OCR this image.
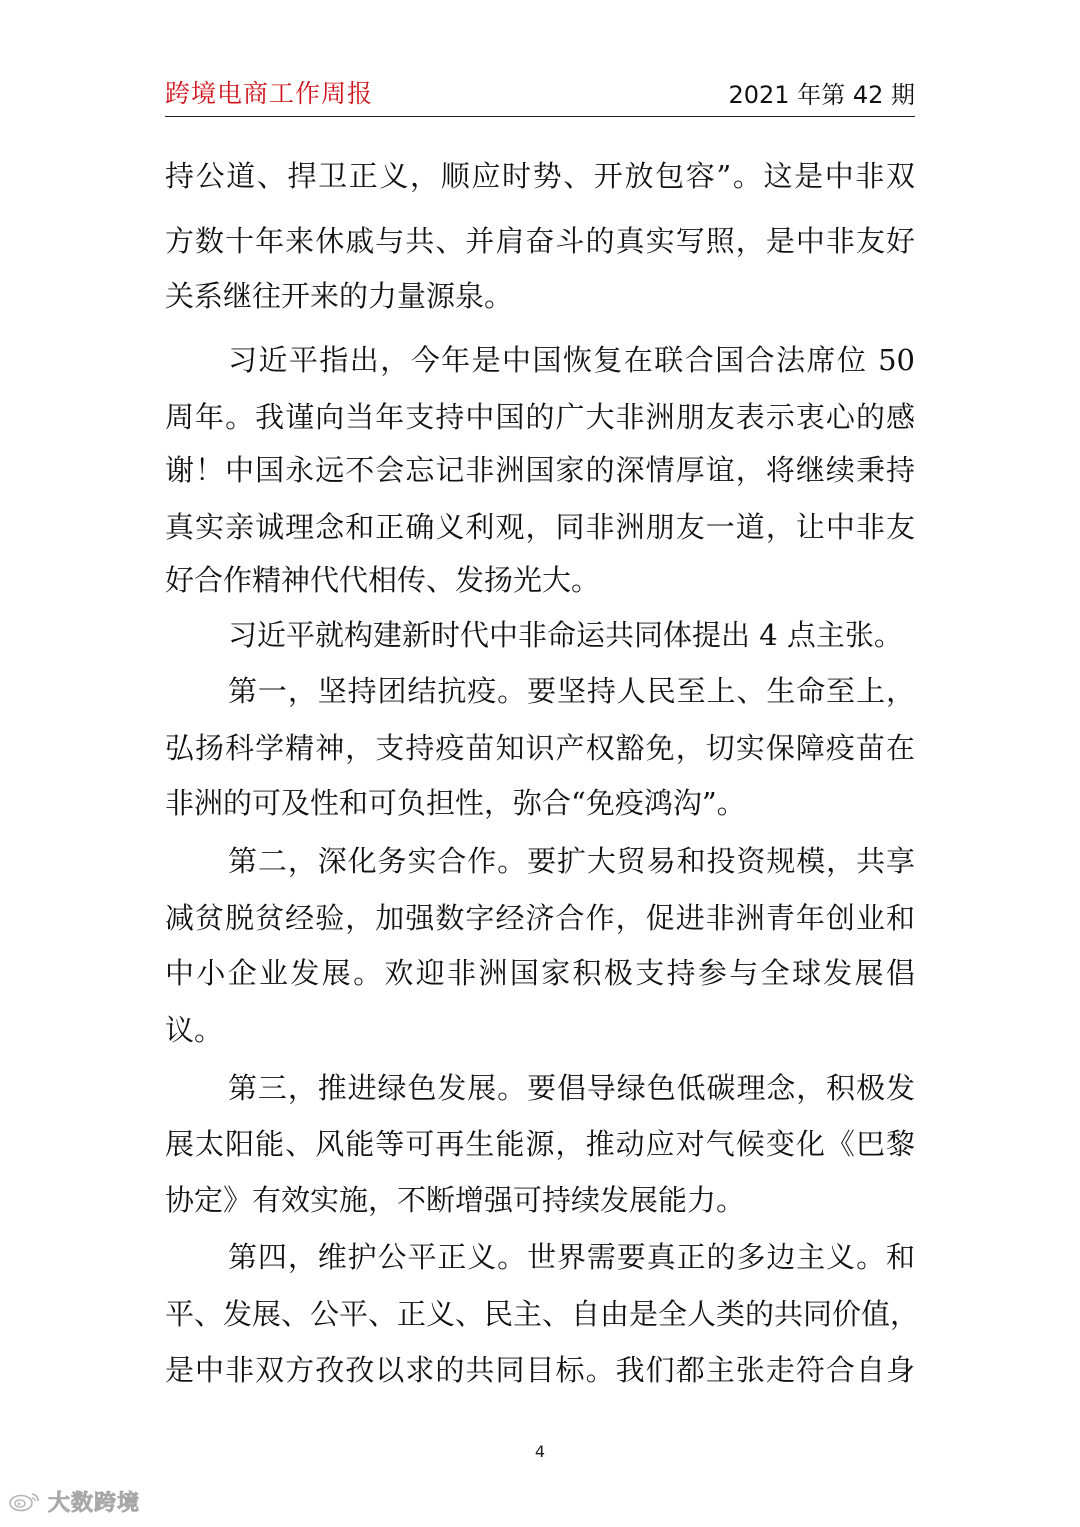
跨境电商工作周报	2021 年第 42 期
持公道、捍卫正义，顺应时势、开放包容”。这是中非双
方数十年来休戚与共、并肩奋斗的真实写照，是中非友好
关系继往开来的力量源泉。
习近平指出，今年是中国恢复在联合国合法席位 50
周年。我谨向当年支持中国的广大非洲朋友表示衷心的感
谢！中国永远不会忘记非洲国家的深情厚谊，将继续秉持
真实亲诚理念和正确义利观，同非洲朋友一道，让中非友
好合作精神代代相传、发扬光大。
习近平就构建新时代中非命运共同体提出 4 点主张。
第一，坚持团结抗疫。要坚持人民至上、生命至上，
弘扬科学精神，支持疫苗知识产权豁免，切实保障疫苗在
非洲的可及性和可负担性，弥合“免疫鸿沟”。
第二，深化务实合作。要扩大贸易和投资规模，共享
减贫脱贫经验，加强数字经济合作，促进非洲青年创业和
中小企业发展。欢迎非洲国家积极支持参与全球发展倡
议。
第三，推进绿色发展。要倡导绿色低碳理念，积极发
展太阳能、风能等可再生能源，推动应对气候变化《巴黎
协定》有效实施，不断增强可持续发展能力。
第四，维护公平正义。世界需要真正的多边主义。和
平、发展、公平、正义、民主、自由是全人类的共同价值，
是中非双方孜孜以求的共同目标。我们都主张走符合自身
4
大数跨境
